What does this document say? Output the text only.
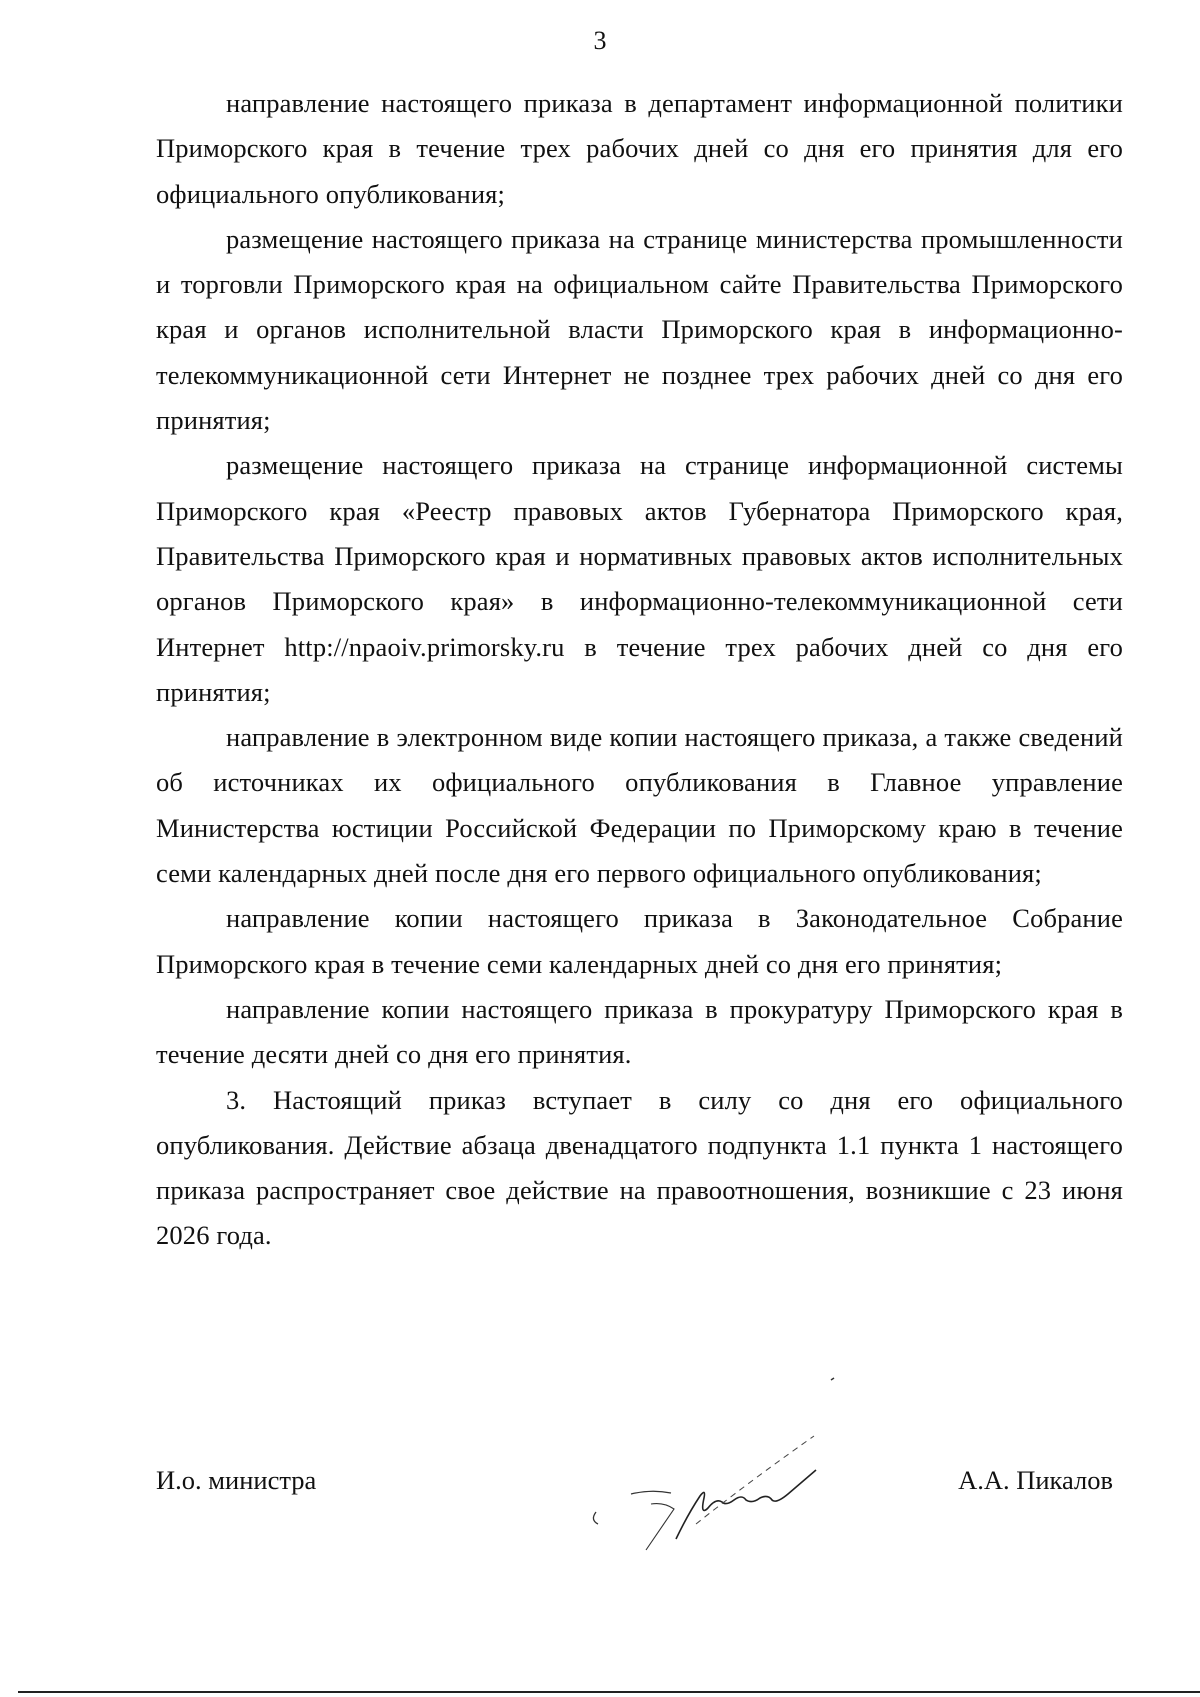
3

направление настоящего приказа в департамент информационной политики Приморского края в течение трех рабочих дней со дня его принятия для его официального опубликования;

размещение настоящего приказа на странице министерства промышленности и торговли Приморского края на официальном сайте Правительства Приморского края и органов исполнительной власти Приморского края в информационно-телекоммуникационной сети Интернет не позднее трех рабочих дней со дня его принятия;

размещение настоящего приказа на странице информационной системы Приморского края «Реестр правовых актов Губернатора Приморского края, Правительства Приморского края и нормативных правовых актов исполнительных органов Приморского края» в информационно-телекоммуникационной сети Интернет http://npaoiv.primorsky.ru в течение трех рабочих дней со дня его принятия;

направление в электронном виде копии настоящего приказа, а также сведений об источниках их официального опубликования в Главное управление Министерства юстиции Российской Федерации по Приморскому краю в течение семи календарных дней после дня его первого официального опубликования;

направление копии настоящего приказа в Законодательное Собрание Приморского края в течение семи календарных дней со дня его принятия;

направление копии настоящего приказа в прокуратуру Приморского края в течение десяти дней со дня его принятия.

3. Настоящий приказ вступает в силу со дня его официального опубликования. Действие абзаца двенадцатого подпункта 1.1 пункта 1 настоящего приказа распространяет свое действие на правоотношения, возникшие с 23 июня 2026 года.

И.о. министра	А.А. Пикалов
